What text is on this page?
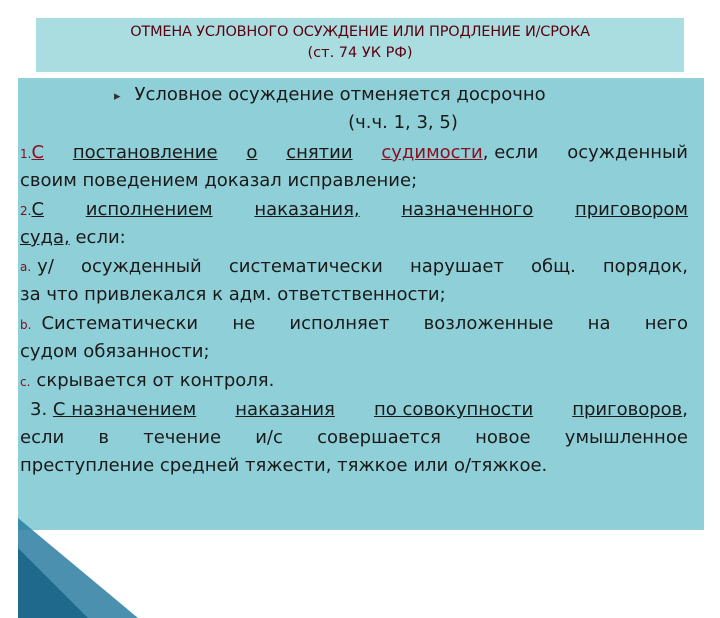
ОТМЕНА УСЛОВНОГО ОСУЖДЕНИЕ ИЛИ ПРОДЛЕНИЕ И/СРОКА
(ст. 74 УК РФ)
▸ Условное осуждение отменяется досрочно
(ч.ч. 1, 3, 5)
1.С постановление о снятии судимости, если осужденный
своим поведением доказал исправление;
2.С исполнением наказания, назначенного приговором
суда, если:
a. у/ осужденный систематически нарушает общ. порядок,
за что привлекался к адм. ответственности;
b. Систематически не исполняет возложенные на него
судом обязанности;
c. скрывается от контроля.
3. С назначением наказания по совокупности приговоров,
если в течение и/с совершается новое умышленное
преступление средней тяжести, тяжкое или о/тяжкое.
